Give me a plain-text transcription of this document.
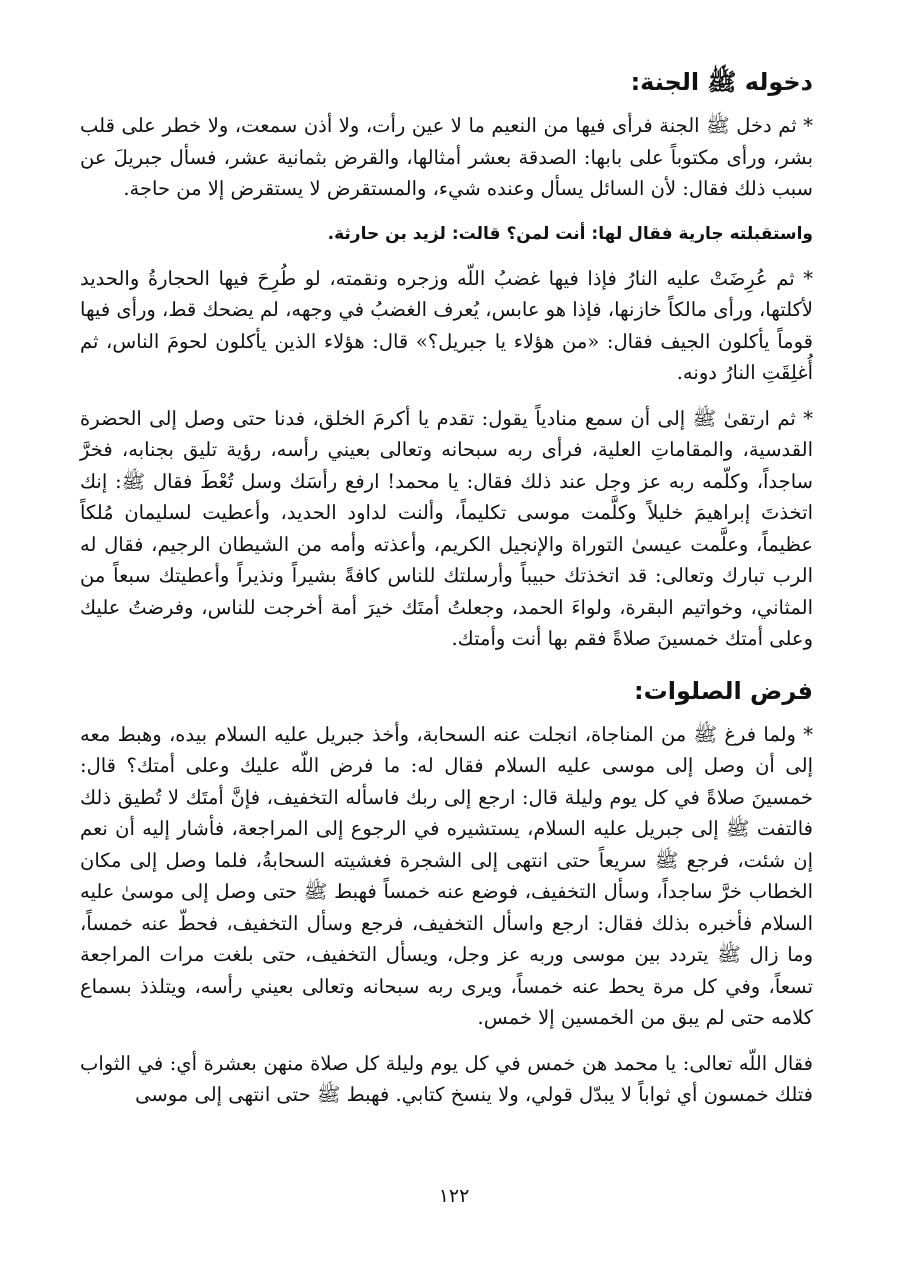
دخوله ﷺ الجنة:

* ثم دخل ﷺ الجنة فرأى فيها من النعيم ما لا عين رأت، ولا أذن سمعت، ولا خطر على قلب بشر، ورأى مكتوباً على بابها: الصدقة بعشر أمثالها، والقرض بثمانية عشر، فسأل جبريلَ عن سبب ذلك فقال: لأن السائل يسأل وعنده شيء، والمستقرض لا يستقرض إلا من حاجة.

واستقبلته جارية فقال لها: أنت لمن؟ قالت: لزيد بن حارثة.

* ثم عُرِضَتْ عليه النارُ فإذا فيها غضبُ اللّه وزجره ونقمته، لو طُرِحَ فيها الحجارةُ والحديد لأكلتها، ورأى مالكاً خازنها، فإذا هو عابس، يُعرف الغضبُ في وجهه، لم يضحك قط، ورأى فيها قوماً يأكلون الجيف فقال: «من هؤلاء يا جبريل؟» قال: هؤلاء الذين يأكلون لحومَ الناس، ثم أُغلِقَتِ النارُ دونه.

* ثم ارتقىٰ ﷺ إلى أن سمع منادياً يقول: تقدم يا أكرمَ الخلق، فدنا حتى وصل إلى الحضرة القدسية، والمقاماتِ العلية، فرأى ربه سبحانه وتعالى بعيني رأسه، رؤية تليق بجنابه، فخرَّ ساجداً، وكلّمه ربه عز وجل عند ذلك فقال: يا محمد! ارفع رأسَك وسل تُعْطَ فقال ﷺ: إنك اتخذتَ إبراهيمَ خليلاً وكلَّمت موسى تكليماً، وألنت لداود الحديد، وأعطيت لسليمان مُلكاً عظيماً، وعلَّمت عيسىٰ التوراة والإنجيل الكريم، وأعذته وأمه من الشيطان الرجيم، فقال له الرب تبارك وتعالى: قد اتخذتك حبيباً وأرسلتك للناس كافةً بشيراً ونذيراً وأعطيتك سبعاً من المثاني، وخواتيم البقرة، ولواءَ الحمد، وجعلتُ أمتَك خيرَ أمة أخرجت للناس، وفرضتُ عليك وعلى أمتك خمسينَ صلاةً فقم بها أنت وأمتك.

فرض الصلوات:

* ولما فرغ ﷺ من المناجاة، انجلت عنه السحابة، وأخذ جبريل عليه السلام بيده، وهبط معه إلى أن وصل إلى موسى عليه السلام فقال له: ما فرض اللّه عليك وعلى أمتك؟ قال: خمسينَ صلاةً في كل يوم وليلة قال: ارجع إلى ربك فاسأله التخفيف، فإنَّ أمتَك لا تُطيق ذلك فالتفت ﷺ إلى جبريل عليه السلام، يستشيره في الرجوع إلى المراجعة، فأشار إليه أن نعم إن شئت، فرجع ﷺ سريعاً حتى انتهى إلى الشجرة فغشيته السحابةُ، فلما وصل إلى مكان الخطاب خرَّ ساجداً، وسأل التخفيف، فوضع عنه خمساً فهبط ﷺ حتى وصل إلى موسىٰ عليه السلام فأخبره بذلك فقال: ارجع واسأل التخفيف، فرجع وسأل التخفيف، فحطّ عنه خمساً، وما زال ﷺ يتردد بين موسى وربه عز وجل، ويسأل التخفيف، حتى بلغت مرات المراجعة تسعاً، وفي كل مرة يحط عنه خمساً، ويرى ربه سبحانه وتعالى بعيني رأسه، ويتلذذ بسماع كلامه حتى لم يبق من الخمسين إلا خمس.

فقال اللّه تعالى: يا محمد هن خمس في كل يوم وليلة كل صلاة منهن بعشرة أي: في الثواب فتلك خمسون أي ثواباً لا يبدّل قولي، ولا ينسخ كتابي. فهبط ﷺ حتى انتهى إلى موسى

١٢٢
